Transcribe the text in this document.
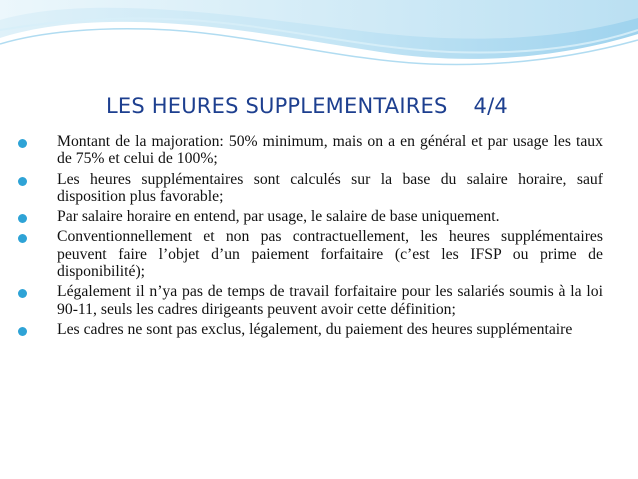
LES HEURES SUPPLEMENTAIRES 4/4
Montant de la majoration: 50% minimum, mais on a en général et par usage les taux de 75% et celui de 100%;
Les heures supplémentaires sont calculés sur la base du salaire horaire, sauf disposition plus favorable;
Par salaire horaire en entend, par usage, le salaire de base uniquement.
Conventionnellement et non pas contractuellement, les heures supplémentaires peuvent faire l’objet d’un paiement forfaitaire (c’est les IFSP ou prime de disponibilité);
Légalement il n’ya pas de temps de travail forfaitaire pour les salariés soumis à la loi 90-11, seuls les cadres dirigeants peuvent avoir cette définition;
Les cadres ne sont pas exclus, légalement, du paiement des heures supplémentaire
